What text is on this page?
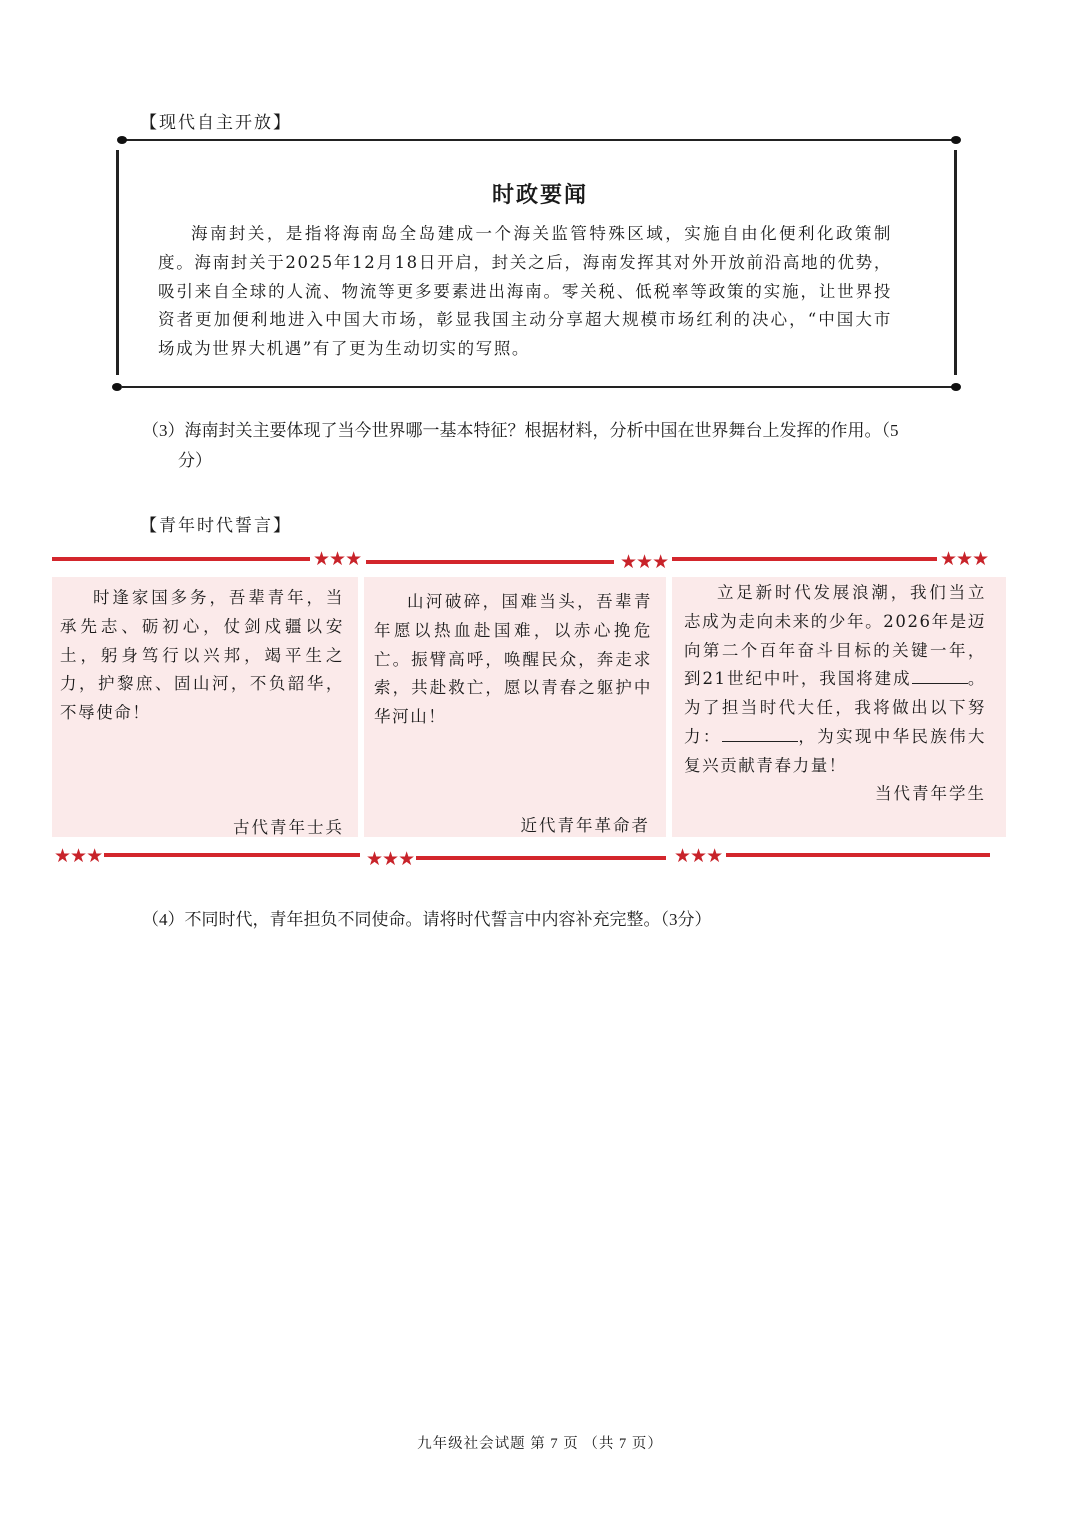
【现代自主开放】
时政要闻

海南封关，是指将海南岛全岛建成一个海关监管特殊区域，实施自由化便利化政策制度。海南封关于2025年12月18日开启，封关之后，海南发挥其对外开放前沿高地的优势，吸引来自全球的人流、物流等更多要素进出海南。零关税、低税率等政策的实施，让世界投资者更加便利地进入中国大市场，彰显我国主动分享超大规模市场红利的决心，“中国大市场成为世界大机遇”有了更为生动切实的写照。

（3）海南封关主要体现了当今世界哪一基本特征？根据材料，分析中国在世界舞台上发挥的作用。（5
分）
【青年时代誓言】
★★★	★★★	★★★

时逢家国多务，吾辈青年，当承先志、砺初心，仗剑戍疆以安土，躬身笃行以兴邦，竭平生之力，护黎庶、固山河，不负韶华，不辱使命！

古代青年士兵

山河破碎，国难当头，吾辈青年愿以热血赴国难，以赤心挽危亡。振臂高呼，唤醒民众，奔走求索，共赴救亡，愿以青春之躯护中华河山！

近代青年革命者

立足新时代发展浪潮，我们当立志成为走向未来的少年。2026年是迈向第二个百年奋斗目标的关键一年，到21世纪中叶，我国将建成	。为了担当时代大任，我将做出以下努力：	，为实现中华民族伟大复兴贡献青春力量！

当代青年学生
★★★	★★★	★★★
（4）不同时代，青年担负不同使命。请将时代誓言中内容补充完整。（3分）
九年级社会试题 第 7 页 （共 7 页）
